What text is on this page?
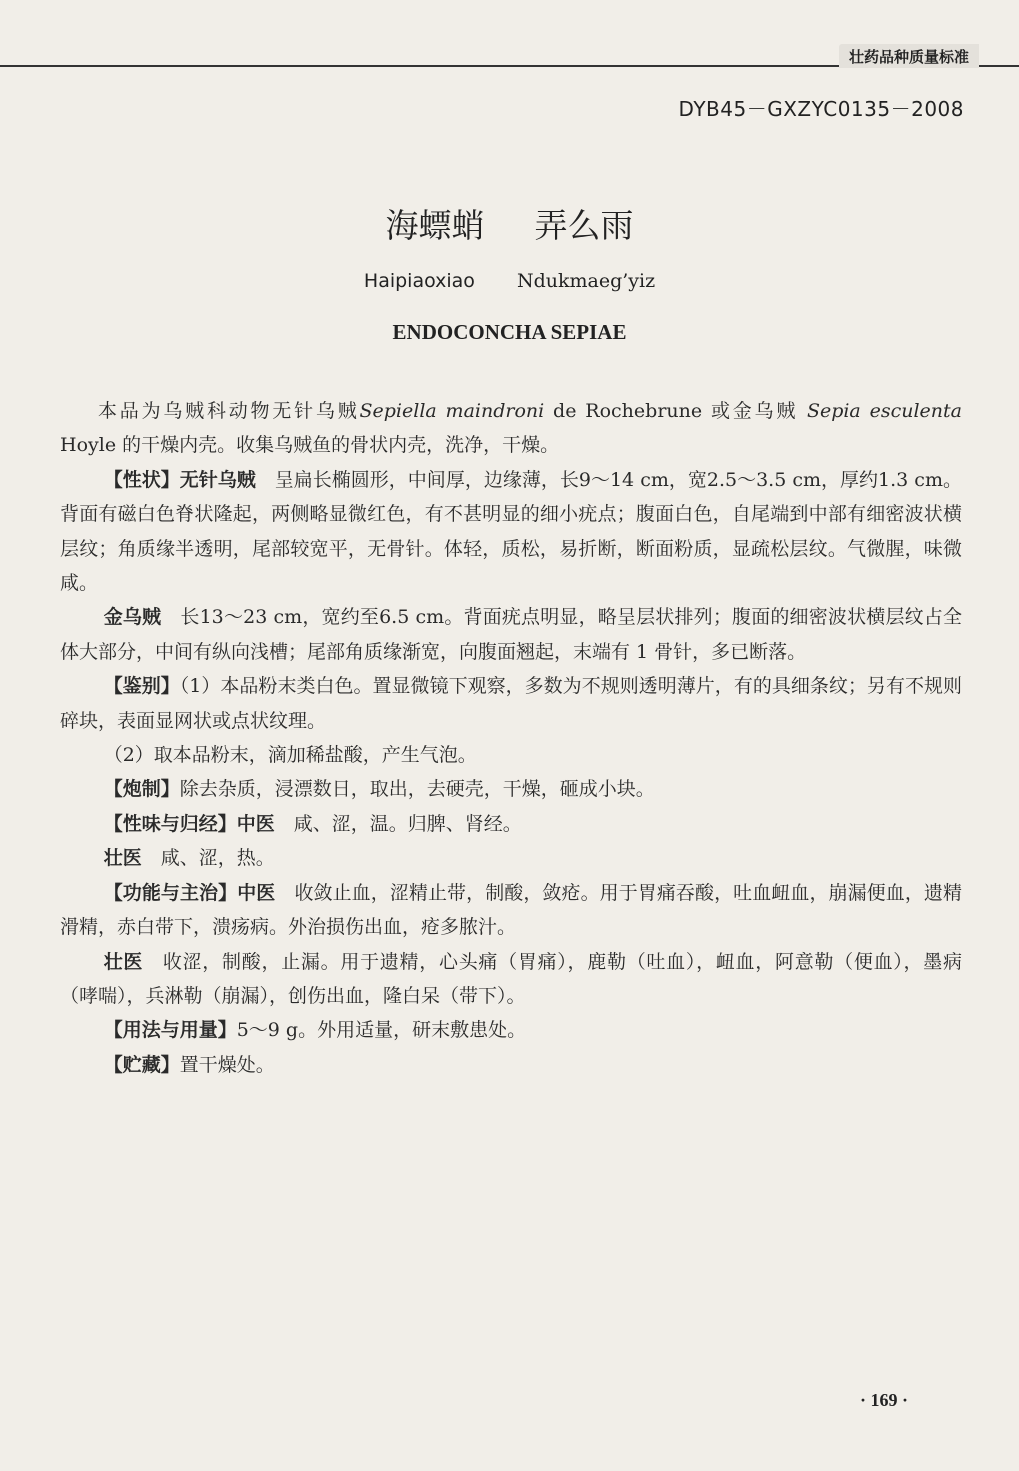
壮药品种质量标准
DYB45－GXZYC0135－2008
海螵蛸 弄么雨
Haipiaoxiao Ndukmaeg’yiz
ENDOCONCHA SEPIAE

本品为乌贼科动物无针乌贼Sepiella maindroni de Rochebrune 或金乌贼 Sepia esculenta Hoyle 的干燥内壳。收集乌贼鱼的骨状内壳，洗净，干燥。

【性状】无针乌贼　呈扁长椭圆形，中间厚，边缘薄，长9～14 cm，宽2.5～3.5 cm，厚约1.3 cm。背面有磁白色脊状隆起，两侧略显微红色，有不甚明显的细小疣点；腹面白色，自尾端到中部有细密波状横层纹；角质缘半透明，尾部较宽平，无骨针。体轻，质松，易折断，断面粉质，显疏松层纹。气微腥，味微咸。

金乌贼　长13～23 cm，宽约至6.5 cm。背面疣点明显，略呈层状排列；腹面的细密波状横层纹占全体大部分，中间有纵向浅槽；尾部角质缘渐宽，向腹面翘起，末端有 1 骨针，多已断落。

【鉴别】（1）本品粉末类白色。置显微镜下观察，多数为不规则透明薄片，有的具细条纹；另有不规则碎块，表面显网状或点状纹理。

（2）取本品粉末，滴加稀盐酸，产生气泡。

【炮制】除去杂质，浸漂数日，取出，去硬壳，干燥，砸成小块。

【性味与归经】中医　咸、涩，温。归脾、肾经。

壮医　咸、涩，热。

【功能与主治】中医　收敛止血，涩精止带，制酸，敛疮。用于胃痛吞酸，吐血衄血，崩漏便血，遗精滑精，赤白带下，溃疡病。外治损伤出血，疮多脓汁。

壮医　收涩，制酸，止漏。用于遗精，心头痛（胃痛），鹿勒（吐血），衄血，阿意勒（便血），墨病（哮喘），兵淋勒（崩漏），创伤出血，隆白呆（带下）。

【用法与用量】5～9 g。外用适量，研末敷患处。

【贮藏】置干燥处。

· 169 ·
